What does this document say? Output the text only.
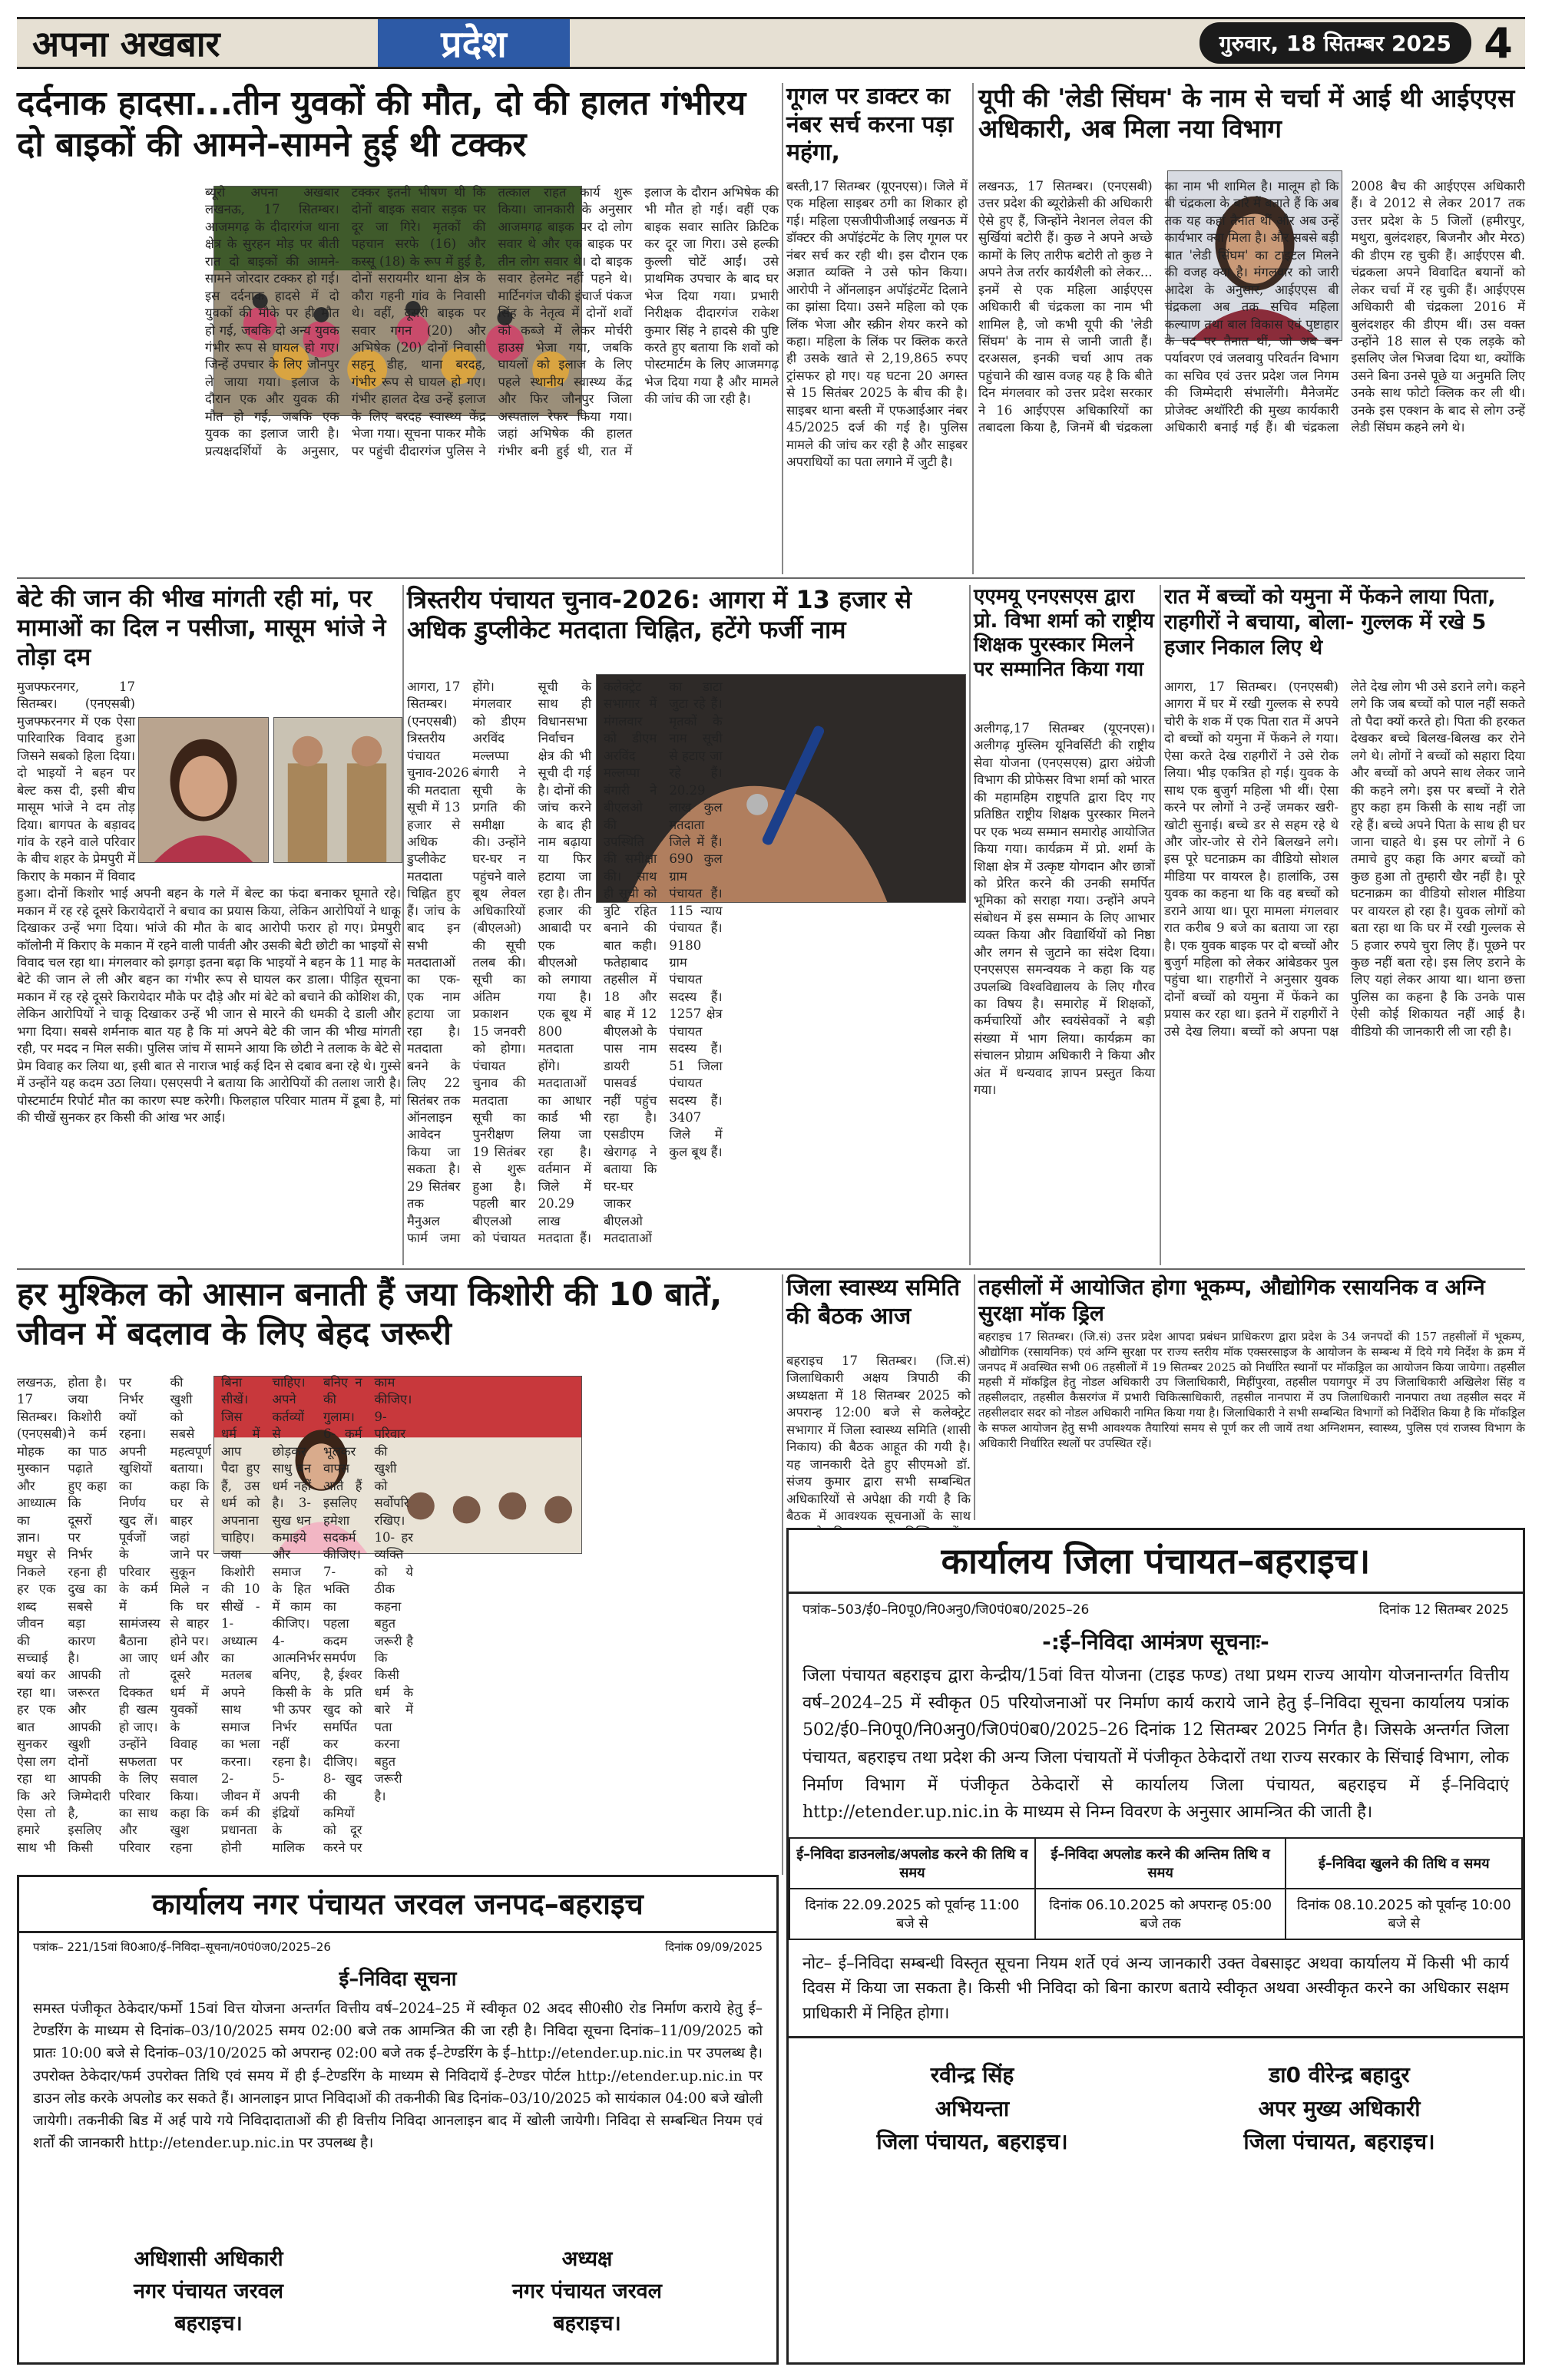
अपना अखबार	प्रदेश	गुरुवार, 18 सितम्बर 2025 4
दर्दनाक हादसा...तीन युवकों की मौत, दो की हालत गंभीरय दो बाइकों की आमने-सामने हुई थी टक्कर
ब्यूरो अपना अखबार लखनऊ, 17 सितम्बर। आजमगढ़ के दीदारगंज थाना क्षेत्र के सुरहन मोड़ पर बीती रात दो बाइकों की आमने-सामने जोरदार टक्कर हो गई। इस दर्दनाक हादसे में दो युवकों की मौके पर ही मौत हो गई, जबकि दो अन्य युवक गंभीर रूप से घायल हो गए। जिन्हें उपचार के लिए जौनपुर ले जाया गया। इलाज के दौरान एक और युवक की मौत हो गई, जबकि एक युवक का इलाज जारी है। प्रत्यक्षदर्शियों के अनुसार, टक्कर इतनी भीषण थी कि दोनों बाइक सवार सड़क पर दूर जा गिरे। मृतकों की पहचान सरफे (16) और कस्सू (18) के रूप में हुई है, दोनों सरायमीर थाना क्षेत्र के कौरा गहनी गांव के निवासी थे। वहीं, दूसरी बाइक पर सवार गगन (20) और अभिषेक (20) दोनों निवासी सहनू डीह, थाना बरदह, गंभीर रूप से घायल हो गए। गंभीर हालत देख उन्हें इलाज के लिए बरदह स्वास्थ्य केंद्र भेजा गया। सूचना पाकर मौके पर पहुंची दीदारगंज पुलिस ने तत्काल राहत कार्य शुरू किया। जानकारी के अनुसार आजमगढ़ बाइक पर दो लोग सवार थे और एक बाइक पर तीन लोग सवार थे। दो बाइक सवार हेलमेट नहीं पहने थे। मार्टिनगंज चौकी इंचार्ज पंकज सिंह के नेतृत्व में दोनों शवों को कब्जे में लेकर मोर्चरी हाउस भेजा गया, जबकि घायलों को इलाज के लिए पहले स्थानीय स्वास्थ्य केंद्र और फिर जौनपुर जिला अस्पताल रेफर किया गया। जहां अभिषेक की हालत गंभीर बनी हुई थी, रात में इलाज के दौरान अभिषेक की भी मौत हो गई। वहीं एक बाइक सवार सातिर क्रिटिक कर दूर जा गिरा। उसे हल्की कुल्ली चोटें आईं। उसे प्राथमिक उपचार के बाद घर भेज दिया गया। प्रभारी निरीक्षक दीदारगंज राकेश कुमार सिंह ने हादसे की पुष्टि करते हुए बताया कि शवों को पोस्टमार्टम के लिए आजमगढ़ भेज दिया गया है और मामले की जांच की जा रही है।
गूगल पर डाक्टर का नंबर सर्च करना पड़ा महंगा,
बस्ती,17 सितम्बर (यूएनएस)। जिले में एक महिला साइबर ठगी का शिकार हो गई। महिला एसजीपीजीआई लखनऊ में डॉक्टर की अपॉइंटमेंट के लिए गूगल पर नंबर सर्च कर रही थी। इस दौरान एक अज्ञात व्यक्ति ने उसे फोन किया। आरोपी ने ऑनलाइन अपॉइंटमेंट दिलाने का झांसा दिया। उसने महिला को एक लिंक भेजा और स्क्रीन शेयर करने को कहा। महिला के लिंक पर क्लिक करते ही उसके खाते से 2,19,865 रुपए ट्रांसफर हो गए। यह घटना 20 अगस्त से 15 सितंबर 2025 के बीच की है। साइबर थाना बस्ती में एफआईआर नंबर 45/2025 दर्ज की गई है। पुलिस मामले की जांच कर रही है और साइबर अपराधियों का पता लगाने में जुटी है।
यूपी की 'लेडी सिंघम' के नाम से चर्चा में आई थी आईएएस अधिकारी, अब मिला नया विभाग
लखनऊ, 17 सितम्बर। (एनएसबी) उत्तर प्रदेश की ब्यूरोक्रेसी की अधिकारी ऐसे हुए हैं, जिन्होंने नेशनल लेवल की सुर्खियां बटोरी हैं। कुछ ने अपने अच्छे कामों के लिए तारीफ बटोरी तो कुछ ने अपने तेज तर्रार कार्यशैली को लेकर... इनमें से एक महिला आईएएस अधिकारी बी चंद्रकला का नाम भी शामिल है, जो कभी यूपी की 'लेडी सिंघम' के नाम से जानी जाती हैं। दरअसल, इनकी चर्चा आप तक पहुंचाने की खास वजह यह है कि बीते दिन मंगलवार को उत्तर प्रदेश सरकार ने 16 आईएएस अधिकारियों का तबादला किया है, जिनमें बी चंद्रकला का नाम भी शामिल है। मालूम हो कि बी चंद्रकला के बारे में बताते हैं कि अब तक यह कहां तैनात थीं और अब उन्हें कार्यभार क्या मिला है। और सबसे बड़ी बात 'लेडी सिंघम' का टाइटल मिलने की वजह क्या है। मंगलवार को जारी आदेश के अनुसार, आईएएस बी चंद्रकला अब तक सचिव महिला कल्याण तथा बाल विकास एवं पुष्टाहार के पद पर तैनात थीं, जो अब बन पर्यावरण एवं जलवायु परिवर्तन विभाग का सचिव एवं उत्तर प्रदेश जल निगम की जिम्मेदारी संभालेंगी। मैनेजमेंट प्रोजेक्ट अथॉरिटी की मुख्य कार्यकारी अधिकारी बनाई गई हैं। बी चंद्रकला 2008 बैच की आईएएस अधिकारी हैं। वे 2012 से लेकर 2017 तक उत्तर प्रदेश के 5 जिलों (हमीरपुर, मथुरा, बुलंदशहर, बिजनौर और मेरठ) की डीएम रह चुकी हैं। आईएएस बी. चंद्रकला अपने विवादित बयानों को लेकर चर्चा में रह चुकी हैं। आईएएस अधिकारी बी चंद्रकला 2016 में बुलंदशहर की डीएम थीं। उस वक्त उन्होंने 18 साल से एक लड़के को इसलिए जेल भिजवा दिया था, क्योंकि उसने बिना उनसे पूछे या अनुमति लिए उनके साथ फोटो क्लिक कर ली थी। उनके इस एक्शन के बाद से लोग उन्हें लेडी सिंघम कहने लगे थे।
बेटे की जान की भीख मांगती रही मां, पर मामाओं का दिल न पसीजा, मासूम भांजे ने तोड़ा दम
मुजफ्फरनगर, 17 सितम्बर। (एनएसबी) मुजफ्फरनगर में एक ऐसा पारिवारिक विवाद हुआ जिसने सबको हिला दिया। दो भाइयों ने बहन पर बेल्ट कस दी, इसी बीच मासूम भांजे ने दम तोड़ दिया। बागपत के बड़ावद गांव के रहने वाले परिवार के बीच शहर के प्रेमपुरी में किराए के मकान में विवाद हुआ। दोनों किशोर भाई अपनी बहन के गले में बेल्ट का फंदा बनाकर घूमाते रहे। मकान में रह रहे दूसरे किरायेदारों ने बचाव का प्रयास किया, लेकिन आरोपियों ने धाकू दिखाकर उन्हें भगा दिया। भांजे की मौत के बाद आरोपी फरार हो गए। प्रेमपुरी कॉलोनी में किराए के मकान में रहने वाली पार्वती और उसकी बेटी छोटी का भाइयों से विवाद चल रहा था। मंगलवार को झगड़ा इतना बढ़ा कि भाइयों ने बहन के 11 माह के बेटे की जान ले ली और बहन का गंभीर रूप से घायल कर डाला। पीड़ित सूचना मकान में रह रहे दूसरे किरायेदार मौके पर दौड़े और मां बेटे को बचाने की कोशिश की, लेकिन आरोपियों ने चाकू दिखाकर उन्हें भी जान से मारने की धमकी दे डाली और भगा दिया। सबसे शर्मनाक बात यह है कि मां अपने बेटे की जान की भीख मांगती रही, पर मदद न मिल सकी। पुलिस जांच में सामने आया कि छोटी ने तलाक के बेटे से प्रेम विवाह कर लिया था, इसी बात से नाराज भाई कई दिन से दबाव बना रहे थे। गुस्से में उन्होंने यह कदम उठा लिया। एसएसपी ने बताया कि आरोपियों की तलाश जारी है। पोस्टमार्टम रिपोर्ट मौत का कारण स्पष्ट करेगी। फिलहाल परिवार मातम में डूबा है, मां की चीखें सुनकर हर किसी की आंख भर आई।
त्रिस्तरीय पंचायत चुनाव-2026: आगरा में 13 हजार से अधिक डुप्लीकेट मतदाता चिह्नित, हटेंगे फर्जी नाम
आगरा, 17 सितम्बर। (एनएसबी) त्रिस्तरीय पंचायत चुनाव-2026 की मतदाता सूची में 13 हजार से अधिक डुप्लीकेट मतदाता चिह्नित हुए हैं। जांच के बाद इन सभी मतदाताओं का एक-एक नाम हटाया जा रहा है। मतदाता बनने के लिए 22 सितंबर तक ऑनलाइन आवेदन किया जा सकता है। 29 सितंबर तक मैनुअल फार्म जमा होंगे। मंगलवार को डीएम अरविंद मल्लप्पा बंगारी ने सूची के प्रगति की समीक्षा की। उन्होंने घर-घर न पहुंचने वाले बूथ लेवल अधिकारियों (बीएलओ) की सूची तलब की। सूची का अंतिम प्रकाशन 15 जनवरी को होगा। पंचायत चुनाव की मतदाता सूची का पुनरीक्षण 19 सितंबर से शुरू हुआ है। पहली बार बीएलओ को पंचायत सूची के साथ ही विधानसभा निर्वाचन क्षेत्र की भी सूची दी गई है। दोनों की जांच करने के बाद ही नाम बढ़ाया या फिर हटाया जा रहा है। तीन हजार की आबादी पर एक बीएलओ को लगाया गया है। एक बूथ में 800 मतदाता होंगे। मतदाताओं का आधार कार्ड भी लिया जा रहा है। वर्तमान में जिले में 20.29 लाख मतदाता हैं। कलेक्ट्रेट सभागार में मंगलवार को डीएम अरविंद मल्लप्पा बंगारी ने बीएलओ की उपस्थिति की समीक्षा की। साथ ही सूची को त्रुटि रहित बनाने की बात कही। फतेहाबाद तहसील में 18 और बाह में 12 बीएलओ के पास नाम डायरी पासवर्ड नहीं पहुंच रहा है। एसडीएम खेरागढ़ ने बताया कि घर-घर जाकर बीएलओ मतदाताओं का डाटा जुटा रहे हैं। मृतकों के नाम सूची से हटाए जा रहे हैं। 20.29 लाख कुल मतदाता जिले में हैं। 690 कुल ग्राम पंचायत हैं। 115 न्याय पंचायत हैं। 9180 ग्राम पंचायत सदस्य हैं। 1257 क्षेत्र पंचायत सदस्य हैं। 51 जिला पंचायत सदस्य हैं। 3407 जिले में कुल बूथ हैं।
एएमयू एनएसएस द्वारा प्रो. विभा शर्मा को राष्ट्रीय शिक्षक पुरस्कार मिलने पर सम्मानित किया गया
अलीगढ़,17 सितम्बर (यूएनएस)। अलीगढ़ मुस्लिम यूनिवर्सिटी की राष्ट्रीय सेवा योजना (एनएसएस) द्वारा अंग्रेजी विभाग की प्रोफेसर विभा शर्मा को भारत की महामहिम राष्ट्रपति द्वारा दिए गए प्रतिष्ठित राष्ट्रीय शिक्षक पुरस्कार मिलने पर एक भव्य सम्मान समारोह आयोजित किया गया। कार्यक्रम में प्रो. शर्मा के शिक्षा क्षेत्र में उत्कृष्ट योगदान और छात्रों को प्रेरित करने की उनकी समर्पित भूमिका को सराहा गया। उन्होंने अपने संबोधन में इस सम्मान के लिए आभार व्यक्त किया और विद्यार्थियों को निष्ठा और लगन से जुटाने का संदेश दिया। एनएसएस समन्वयक ने कहा कि यह उपलब्धि विश्वविद्यालय के लिए गौरव का विषय है। समारोह में शिक्षकों, कर्मचारियों और स्वयंसेवकों ने बड़ी संख्या में भाग लिया। कार्यक्रम का संचालन प्रोग्राम अधिकारी ने किया और अंत में धन्यवाद ज्ञापन प्रस्तुत किया गया।
रात में बच्चों को यमुना में फेंकने लाया पिता, राहगीरों ने बचाया, बोला- गुल्लक में रखे 5 हजार निकाल लिए थे
आगरा, 17 सितम्बर। (एनएसबी) आगरा में घर में रखी गुल्लक से रुपये चोरी के शक में एक पिता रात में अपने दो बच्चों को यमुना में फेंकने ले गया। ऐसा करते देख राहगीरों ने उसे रोक लिया। भीड़ एकत्रित हो गई। युवक के साथ एक बुजुर्ग महिला भी थीं। ऐसा करने पर लोगों ने उन्हें जमकर खरी-खोटी सुनाई। बच्चे डर से सहम रहे थे और जोर-जोर से रोने बिलखने लगे। इस पूरे घटनाक्रम का वीडियो सोशल मीडिया पर वायरल है। हालांकि, उस युवक का कहना था कि वह बच्चों को डराने आया था। पूरा मामला मंगलवार रात करीब 9 बजे का बताया जा रहा है। एक युवक बाइक पर दो बच्चों और बुजुर्ग महिला को लेकर आंबेडकर पुल पहुंचा था। राहगीरों ने अनुसार युवक दोनों बच्चों को यमुना में फेंकने का प्रयास कर रहा था। इतने में राहगीरों ने उसे देख लिया। बच्चों को अपना पक्ष लेते देख लोग भी उसे डराने लगे। कहने लगे कि जब बच्चों को पाल नहीं सकते तो पैदा क्यों करते हो। पिता की हरकत देखकर बच्चे बिलख-बिलख कर रोने लगे थे। लोगों ने बच्चों को सहारा दिया और बच्चों को अपने साथ लेकर जाने की कहने लगे। इस पर बच्चों ने रोते हुए कहा हम किसी के साथ नहीं जा रहे हैं। बच्चे अपने पिता के साथ ही घर जाना चाहते थे। इस पर लोगों ने 6 तमाचे हुए कहा कि अगर बच्चों को कुछ हुआ तो तुम्हारी खैर नहीं है। पूरे घटनाक्रम का वीडियो सोशल मीडिया पर वायरल हो रहा है। युवक लोगों को बता रहा था कि घर में रखी गुल्लक से 5 हजार रुपये चुरा लिए हैं। पूछने पर कुछ नहीं बता रहे। इस लिए डराने के लिए यहां लेकर आया था। थाना छत्ता पुलिस का कहना है कि उनके पास ऐसी कोई शिकायत नहीं आई है। वीडियो की जानकारी ली जा रही है।
हर मुश्किल को आसान बनाती हैं जया किशोरी की 10 बातें, जीवन में बदलाव के लिए बेहद जरूरी
लखनऊ, 17 सितम्बर। (एनएसबी) मोहक मुस्कान और आध्यात्म का ज्ञान। मधुर से निकले हर एक शब्द जीवन की सच्चाई बयां कर रहा था। हर एक बात सुनकर ऐसा लग रहा था कि अरे ऐसा तो हमारे साथ भी होता है। जया किशोरी ने कर्म का पाठ पढ़ाते हुए कहा कि दूसरों पर निर्भर रहना ही दुख का सबसे बड़ा कारण है। आपकी जरूरत और आपकी खुशी दोनों आपकी जिम्मेदारी है, इसलिए किसी पर निर्भर क्यों रहना। अपनी खुशियों का निर्णय खुद लें। पूर्वजों के परिवार के कर्म में सामंजस्य बैठाना आ जाए तो दिक्कत ही खत्म हो जाए। उन्होंने सफलता के लिए परिवार का साथ और परिवार की खुशी को सबसे महत्वपूर्ण बताया। कहा कि घर से बाहर जहां जाने पर सुकून मिले न कि घर से बाहर होने पर। धर्म और दूसरे धर्म में युवकों के विवाह पर सवाल किया। कहा कि खुश रहना बिना सीखें। जिस धर्म में आप पैदा हुए हैं, उस धर्म को अपनाना चाहिए। जया किशोरी की 10 सीखें - 1- अध्यात्म का मतलब अपने साथ समाज का भला करना। 2- जीवन में कर्म की प्रधानता होनी चाहिए। अपने कर्तव्यों से छोड़कर साधु बन धर्म नहीं है। 3- सुख धन कमाइये और समाज के हित में काम कीजिए। 4- आत्मनिर्भर बनिए, किसी के भी ऊपर निर्भर नहीं रहना है। 5- अपनी इंद्रियों के मालिक बनिए न की गुलाम। 6- कर्म भूलकर वापस आते हैं इसलिए हमेशा सदकर्म कीजिए। 7- भक्ति का पहला कदम समर्पण है, ईश्वर के प्रति खुद को समर्पित कर दीजिए। 8- खुद की कमियों को दूर करने पर काम कीजिए। 9- परिवार की खुशी को सर्वोपरि रखिए। 10- हर व्यक्ति को ये ठीक कहना बहुत जरूरी है कि किसी धर्म के बारे में पता करना बहुत जरूरी है।
जिला स्वास्थ्य समिति की बैठक आज
बहराइच 17 सितम्बर। (जि.सं) जिलाधिकारी अक्षय त्रिपाठी की अध्यक्षता में 18 सितम्बर 2025 को अपरान्ह 12:00 बजे से कलेक्ट्रेट सभागार में जिला स्वास्थ्य समिति (शासी निकाय) की बैठक आहूत की गयी है। यह जानकारी देते हुए सीएमओ डॉ. संजय कुमार द्वारा सभी सम्बन्धित अधिकारियों से अपेक्षा की गयी है कि बैठक में आवश्यक सूचनाओं के साथ
तहसीलों में आयोजित होगा भूकम्प, औद्योगिक रसायनिक व अग्नि सुरक्षा मॉक ड्रिल
बहराइच 17 सितम्बर। (जि.सं) उत्तर प्रदेश आपदा प्रबंधन प्राधिकरण द्वारा प्रदेश के 34 जनपदों की 157 तहसीलों में भूकम्प, औद्योगिक (रसायनिक) एवं अग्नि सुरक्षा पर राज्य स्तरीय मॉक एक्सरसाइज के आयोजन के सम्बन्ध में दिये गये निर्देश के क्रम में जनपद में अवस्थित सभी 06 तहसीलों में 19 सितम्बर 2025 को निर्धारित स्थानों पर मॉकड्रिल का आयोजन किया जायेगा। तहसील महसी में मॉकड्रिल हेतु नोडल अधिकारी उप जिलाधिकारी, मिहींपुरवा, तहसील पयागपुर में उप जिलाधिकारी अखिलेश सिंह व तहसीलदार, तहसील कैसरगंज में प्रभारी चिकित्साधिकारी, तहसील नानपारा में उप जिलाधिकारी नानपारा तथा तहसील सदर में तहसीलदार सदर को नोडल अधिकारी नामित किया गया है। जिलाधिकारी ने सभी सम्बन्धित विभागों को निर्देशित किया है कि मॉकड्रिल के सफल आयोजन हेतु सभी आवश्यक तैयारियां समय से पूर्ण कर ली जायें तथा अग्निशमन, स्वास्थ्य, पुलिस एवं राजस्व विभाग के अधिकारी निर्धारित स्थलों पर उपस्थित रहें।
कार्यालय जिला पंचायत–बहराइच।
पत्रांक–503/ई0–नि0पू0/नि0अनु0/जि0पं0ब0/2025–26	दिनांक 12 सितम्बर 2025
-:ई–निविदा आमंत्रण सूचनाः-
जिला पंचायत बहराइच द्वारा केन्द्रीय/15वां वित्त योजना (टाइड फण्ड) तथा प्रथम राज्य आयोग योजनान्तर्गत वित्तीय वर्ष–2024–25 में स्वीकृत 05 परियोजनाओं पर निर्माण कार्य कराये जाने हेतु ई–निविदा सूचना कार्यालय पत्रांक 502/ई0–नि0पू0/नि0अनु0/जि0पं0ब0/2025–26 दिनांक 12 सितम्बर 2025 निर्गत है। जिसके अन्तर्गत जिला पंचायत, बहराइच तथा प्रदेश की अन्य जिला पंचायतों में पंजीकृत ठेकेदारों तथा राज्य सरकार के सिंचाई विभाग, लोक निर्माण विभाग में पंजीकृत ठेकेदारों से कार्यालय जिला पंचायत, बहराइच में ई–निविदाएं http://etender.up.nic.in के माध्यम से निम्न विवरण के अनुसार आमन्त्रित की जाती है।
ई–निविदा डाउनलोड/अपलोड करने की तिथि व समय	ई–निविदा अपलोड करने की अन्तिम तिथि व समय	ई–निविदा खुलने की तिथि व समय
दिनांक 22.09.2025 को पूर्वान्ह 11:00 बजे से	दिनांक 06.10.2025 को अपरान्ह 05:00 बजे तक	दिनांक 08.10.2025 को पूर्वान्ह 10:00 बजे से
नोट– ई–निविदा सम्बन्धी विस्तृत सूचना नियम शर्ते एवं अन्य जानकारी उक्त वेबसाइट अथवा कार्यालय में किसी भी कार्य दिवस में किया जा सकता है। किसी भी निविदा को बिना कारण बताये स्वीकृत अथवा अस्वीकृत करने का अधिकार सक्षम प्राधिकारी में निहित होगा।
रवीन्द्र सिंह
अभियन्ता
जिला पंचायत, बहराइच।
डा0 वीरेन्द्र बहादुर
अपर मुख्य अधिकारी
जिला पंचायत, बहराइच।
कार्यालय नगर पंचायत जरवल जनपद–बहराइच
पत्रांक– 221/15वां वि0आ0/ई–निविदा–सूचना/न0पं0ज0/2025–26	दिनांक 09/09/2025
ई–निविदा सूचना
समस्त पंजीकृत ठेकेदार/फर्मो 15वां वित्त योजना अन्तर्गत वित्तीय वर्ष–2024–25 में स्वीकृत 02 अदद सी0सी0 रोड निर्माण कराये हेतु ई–टेण्डरिंग के माध्यम से दिनांक–03/10/2025 समय 02:00 बजे तक आमन्त्रित की जा रही है। निविदा सूचना दिनांक–11/09/2025 को प्रातः 10:00 बजे से दिनांक–03/10/2025 को अपरान्ह 02:00 बजे तक ई–टेण्डरिंग के ई–http://etender.up.nic.in पर उपलब्ध है। उपरोक्त ठेकेदार/फर्म उपरोक्त तिथि एवं समय में ही ई–टेण्डरिंग के माध्यम से निविदायें ई–टेण्डर पोर्टल http://etender.up.nic.in पर डाउन लोड करके अपलोड कर सकते हैं। आनलाइन प्राप्त निविदाओं की तकनीकी बिड दिनांक–03/10/2025 को सायंकाल 04:00 बजे खोली जायेगी। तकनीकी बिड में अर्ह पाये गये निविदादाताओं की ही वित्तीय निविदा आनलाइन बाद में खोली जायेगी। निविदा से सम्बन्धित नियम एवं शर्तों की जानकारी http://etender.up.nic.in पर उपलब्ध है।
अधिशासी अधिकारी
नगर पंचायत जरवल
बहराइच।
अध्यक्ष
नगर पंचायत जरवल
बहराइच।
